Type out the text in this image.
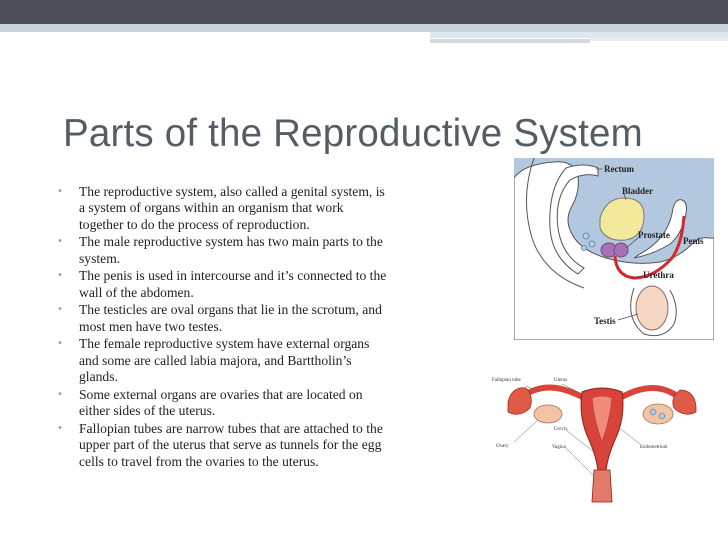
Parts of the Reproductive System
• The reproductive system, also called a genital system, is a system of organs within an organism that work together to do the process of reproduction.
• The male reproductive system has two main parts to the system.
• The penis is used in intercourse and it’s connected to the wall of the abdomen.
• The testicles are oval organs that lie in the scrotum, and most men have two testes.
• The female reproductive system have external organs and some are called labia majora, and Barttholin’s glands.
• Some external organs are ovaries that are located on either sides of the uterus.
• Fallopian tubes are narrow tubes that are attached to the upper part of the uterus that serve as tunnels for the egg cells to travel from the ovaries to the uterus.
Rectum
Bladder
Prostate
Penis
Urethra
Testis
Fallopian tube	Uterus
Ovary
Cervix
Vagina	Endometrium
